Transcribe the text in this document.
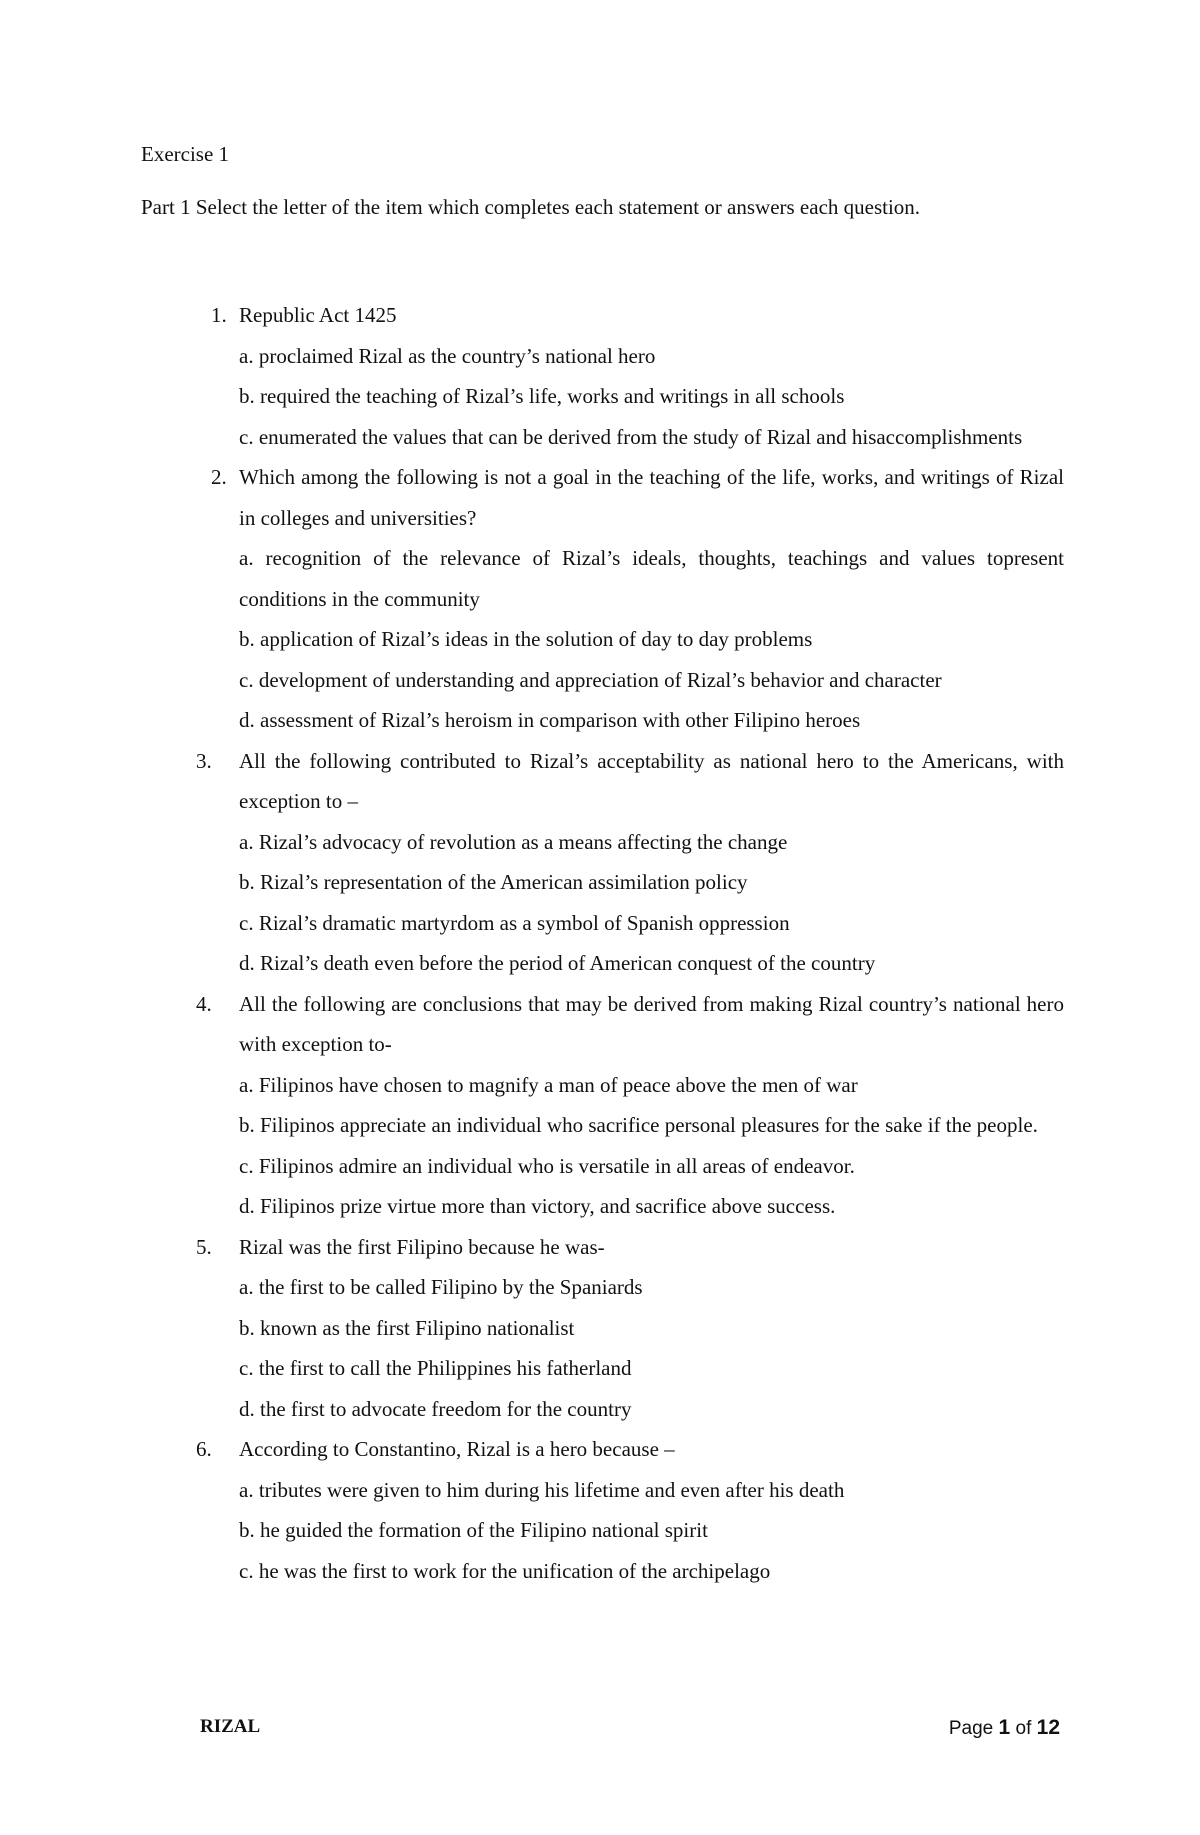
Exercise 1

Part 1 Select the letter of the item which completes each statement or answers each question.

1. Republic Act 1425
a. proclaimed Rizal as the country’s national hero
b. required the teaching of Rizal’s life, works and writings in all schools
c. enumerated the values that can be derived from the study of Rizal and hisaccomplishments
2. Which among the following is not a goal in the teaching of the life, works, and writings of Rizal in colleges and universities?
a. recognition of the relevance of Rizal’s ideals, thoughts, teachings and values topresent conditions in the community
b. application of Rizal’s ideas in the solution of day to day problems
c. development of understanding and appreciation of Rizal’s behavior and character
d. assessment of Rizal’s heroism in comparison with other Filipino heroes
3. All the following contributed to Rizal’s acceptability as national hero to the Americans, with exception to –
a. Rizal’s advocacy of revolution as a means affecting the change
b. Rizal’s representation of the American assimilation policy
c. Rizal’s dramatic martyrdom as a symbol of Spanish oppression
d. Rizal’s death even before the period of American conquest of the country
4. All the following are conclusions that may be derived from making Rizal country’s national hero with exception to-
a. Filipinos have chosen to magnify a man of peace above the men of war
b. Filipinos appreciate an individual who sacrifice personal pleasures for the sake if the people.
c. Filipinos admire an individual who is versatile in all areas of endeavor.
d. Filipinos prize virtue more than victory, and sacrifice above success.
5. Rizal was the first Filipino because he was-
a. the first to be called Filipino by the Spaniards
b. known as the first Filipino nationalist
c. the first to call the Philippines his fatherland
d. the first to advocate freedom for the country
6. According to Constantino, Rizal is a hero because –
a. tributes were given to him during his lifetime and even after his death
b. he guided the formation of the Filipino national spirit
c. he was the first to work for the unification of the archipelago
RIZAL	Page 1 of 12
